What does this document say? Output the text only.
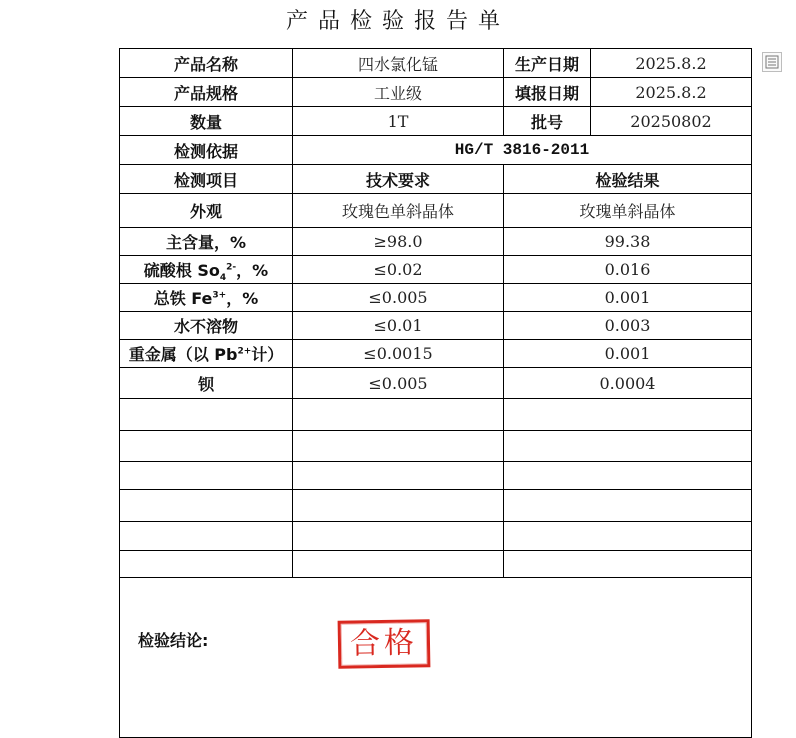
产品检验报告单
产品名称	四水氯化锰	生产日期	2025.8.2
产品规格	工业级	填报日期	2025.8.2
数量	1T	批号	20250802
检测依据	HG/T 3816-2011		
检测项目	技术要求	检验结果	
外观	玫瑰色单斜晶体	玫瑰单斜晶体	
主含量，%	≥98.0	99.38	
硫酸根 $So_4^{2-}$，%	≤0.02	0.016	
总铁 $Fe^{3+}$，%	≤0.005	0.001	
水不溶物	≤0.01	0.003	
重金属（以 $Pb^{2+}$计）	≤0.0015	0.001	
钡	≤0.005	0.0004	

检验结论: 合格			
